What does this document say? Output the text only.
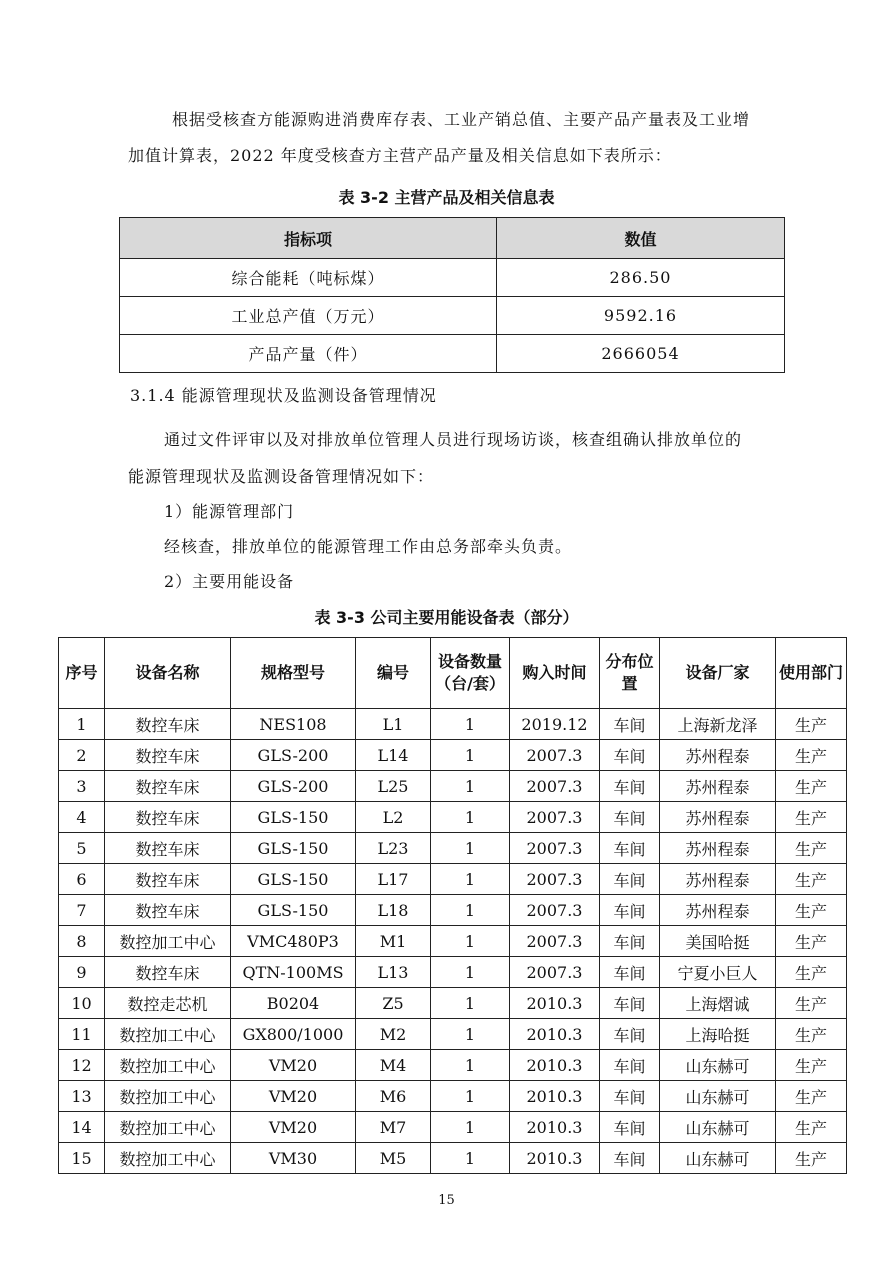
根据受核查方能源购进消费库存表、工业产销总值、主要产品产量表及工业增
加值计算表，2022 年度受核查方主营产品产量及相关信息如下表所示：
表 3-2 主营产品及相关信息表
指标项	数值
综合能耗（吨标煤）	286.50
工业总产值（万元）	9592.16
产品产量（件）	2666054
3.1.4 能源管理现状及监测设备管理情况
通过文件评审以及对排放单位管理人员进行现场访谈，核查组确认排放单位的
能源管理现状及监测设备管理情况如下：
1）能源管理部门
经核查，排放单位的能源管理工作由总务部牵头负责。
2）主要用能设备
表 3-3 公司主要用能设备表（部分）
序号	设备名称	规格型号	编号	设备数量（台/套）	购入时间	分布位置	设备厂家	使用部门
1	数控车床	NES108	L1	1	2019.12	车间	上海新龙泽	生产
2	数控车床	GLS-200	L14	1	2007.3	车间	苏州程泰	生产
3	数控车床	GLS-200	L25	1	2007.3	车间	苏州程泰	生产
4	数控车床	GLS-150	L2	1	2007.3	车间	苏州程泰	生产
5	数控车床	GLS-150	L23	1	2007.3	车间	苏州程泰	生产
6	数控车床	GLS-150	L17	1	2007.3	车间	苏州程泰	生产
7	数控车床	GLS-150	L18	1	2007.3	车间	苏州程泰	生产
8	数控加工中心	VMC480P3	M1	1	2007.3	车间	美国哈挺	生产
9	数控车床	QTN-100MS	L13	1	2007.3	车间	宁夏小巨人	生产
10	数控走芯机	B0204	Z5	1	2010.3	车间	上海熠诚	生产
11	数控加工中心	GX800/1000	M2	1	2010.3	车间	上海哈挺	生产
12	数控加工中心	VM20	M4	1	2010.3	车间	山东赫可	生产
13	数控加工中心	VM20	M6	1	2010.3	车间	山东赫可	生产
14	数控加工中心	VM20	M7	1	2010.3	车间	山东赫可	生产
15	数控加工中心	VM30	M5	1	2010.3	车间	山东赫可	生产
15
